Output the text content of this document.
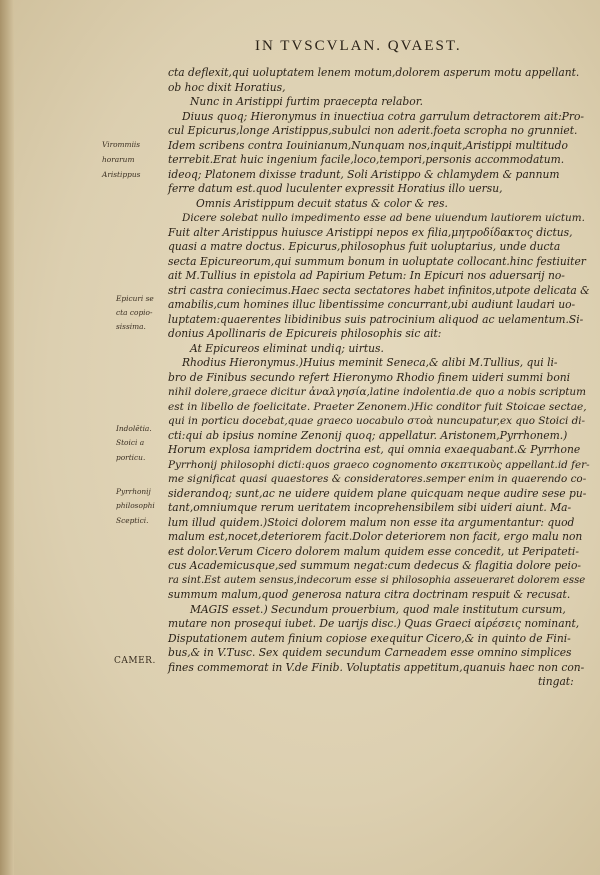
IN TVSCVLAN. QVAEST.
Virommiis
horarum
Aristippus
Epicuri se
cta copio-
sissima.
Indolētia.
Stoici a
porticu.
Pyrrhonij
philosophi
Sceptici.
CAMER.
cta deflexit,qui uoluptatem lenem motum,dolorem asperum motu appellant.
ob hoc dixit Horatius,
Nunc in Aristippi furtim praecepta relabor.
Diuus quoq; Hieronymus in inuectiua cotra garrulum detractorem ait:Pro-
cul Epicurus,longe Aristippus,subulci non aderit.foeta scropha no grunniet.
Idem scribens contra Iouinianum,Nunquam nos,inquit,Aristippi multitudo
terrebit.Erat huic ingenium facile,loco,tempori,personis accommodatum.
ideoq; Platonem dixisse tradunt, Soli Aristippo & chlamydem & pannum
ferre datum est.quod luculenter expressit Horatius illo uersu,
Omnis Aristippum decuit status & color & res.
Dicere solebat nullo impedimento esse ad bene uiuendum lautiorem uictum.
Fuit alter Aristippus huiusce Aristippi nepos ex filia,μητροδίδακτος dictus,
quasi a matre doctus. Epicurus,philosophus fuit uoluptarius, unde ducta
secta Epicureorum,qui summum bonum in uoluptate collocant.hinc festiuiter
ait M.Tullius in epistola ad Papirium Petum: In Epicuri nos aduersarij no-
stri castra coniecimus.Haec secta sectatores habet infinitos,utpote delicata &
amabilis,cum homines illuc libentissime concurrant,ubi audiunt laudari uo-
luptatem:quaerentes libidinibus suis patrocinium aliquod ac uelamentum.Si-
donius Apollinaris de Epicureis philosophis sic ait:
At Epicureos eliminat undiq; uirtus.
Rhodius Hieronymus.)Huius meminit Seneca,& alibi M.Tullius, qui li-
bro de Finibus secundo refert Hieronymo Rhodio finem uideri summi boni
nihil dolere,graece dicitur ἀναλγησία,latine indolentia.de quo a nobis scriptum
est in libello de foelicitate. Praeter Zenonem.)Hic conditor fuit Stoicae sectae,
qui in porticu docebat,quae graeco uocabulo στοὰ nuncupatur,ex quo Stoici di-
cti:qui ab ipsius nomine Zenonij quoq; appellatur. Aristonem,Pyrrhonem.)
Horum explosa iampridem doctrina est, qui omnia exaequabant.& Pyrrhone
Pyrrhonij philosophi dicti:quos graeco cognomento σκεπτικοὺς appellant.id fer-
me significat quasi quaestores & consideratores.semper enim in quaerendo co-
siderandoq; sunt,ac ne uidere quidem plane quicquam neque audire sese pu-
tant,omniumque rerum ueritatem incoprehensibilem sibi uideri aiunt. Ma-
lum illud quidem.)Stoici dolorem malum non esse ita argumentantur: quod
malum est,nocet,deteriorem facit.Dolor deteriorem non facit, ergo malu non
est dolor.Verum Cicero dolorem malum quidem esse concedit, ut Peripateti-
cus Academicusque,sed summum negat:cum dedecus & flagitia dolore peio-
ra sint.Est autem sensus,indecorum esse si philosophia asseueraret dolorem esse
summum malum,quod generosa natura citra doctrinam respuit & recusat.
MAGIS esset.) Secundum prouerbium, quod male institutum cursum,
mutare non prosequi iubet. De uarijs disc.) Quas Graeci αἱρέσεις nominant,
Disputationem autem finium copiose exequitur Cicero,& in quinto de Fini-
bus,& in V.Tusc. Sex quidem secundum Carneadem esse omnino simplices
fines commemorat in V.de Finib. Voluptatis appetitum,quanuis haec non con-
tingat:
